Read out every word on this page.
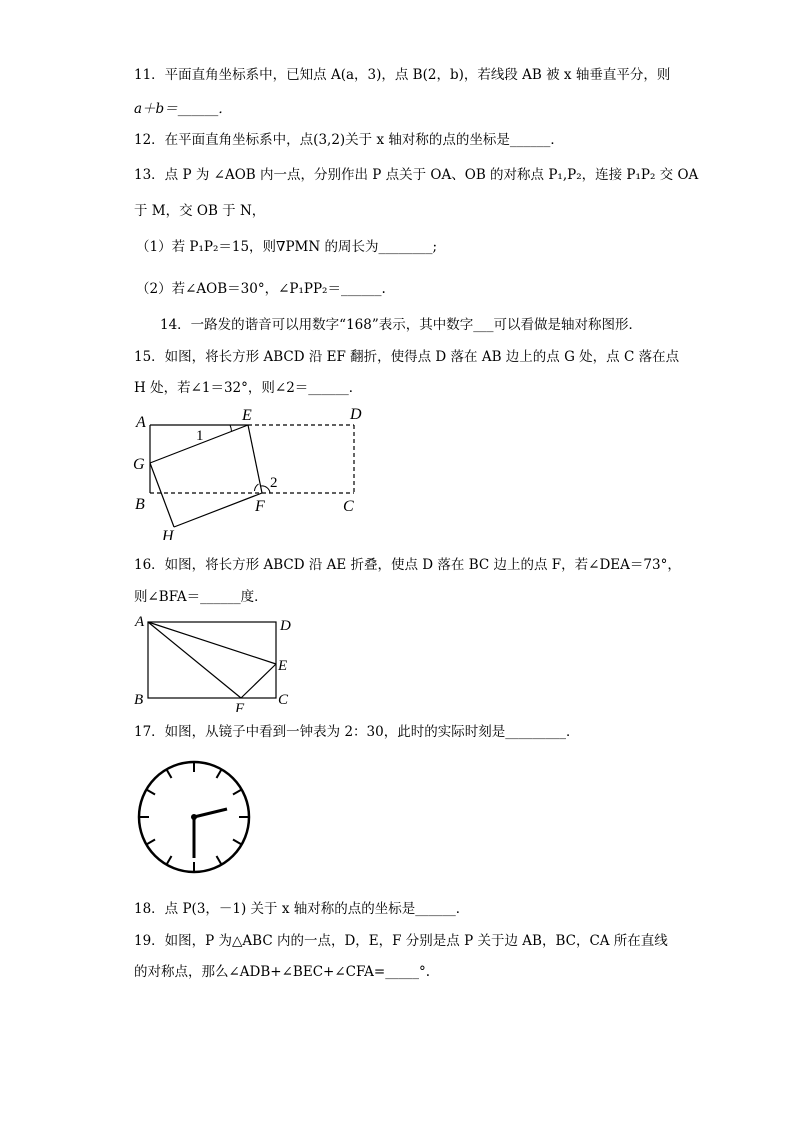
11．平面直角坐标系中，已知点 A(a，3)，点 B(2，b)，若线段 AB 被 x 轴垂直平分，则
a＋b＝______．
12．在平面直角坐标系中，点(3,2)关于 x 轴对称的点的坐标是______．
13．点 P 为 ∠AOB 内一点，分别作出 P 点关于 OA、OB 的对称点 P₁,P₂，连接 P₁P₂ 交 OA
于 M，交 OB 于 N，
（1）若 P₁P₂＝15，则∇PMN 的周长为________;
（2）若∠AOB＝30°，∠P₁PP₂＝______.
14．一路发的谐音可以用数字“168”表示，其中数字___可以看做是轴对称图形．
15．如图，将长方形 ABCD 沿 EF 翻折，使得点 D 落在 AB 边上的点 G 处，点 C 落在点
H 处，若∠1＝32°，则∠2＝______．
A	E	D
G
B	F	C
H
1
2
16．如图，将长方形 ABCD 沿 AE 折叠，使点 D 落在 BC 边上的点 F，若∠DEA＝73°，
则∠BFA＝______度．
A	D
E
B
F
C
17．如图，从镜子中看到一钟表为 2：30，此时的实际时刻是_________．
18．点 P(3，－1) 关于 x 轴对称的点的坐标是______．
19．如图，P 为△ABC 内的一点，D，E，F 分别是点 P 关于边 AB，BC，CA 所在直线
的对称点，那么∠ADB+∠BEC+∠CFA=_____°.
